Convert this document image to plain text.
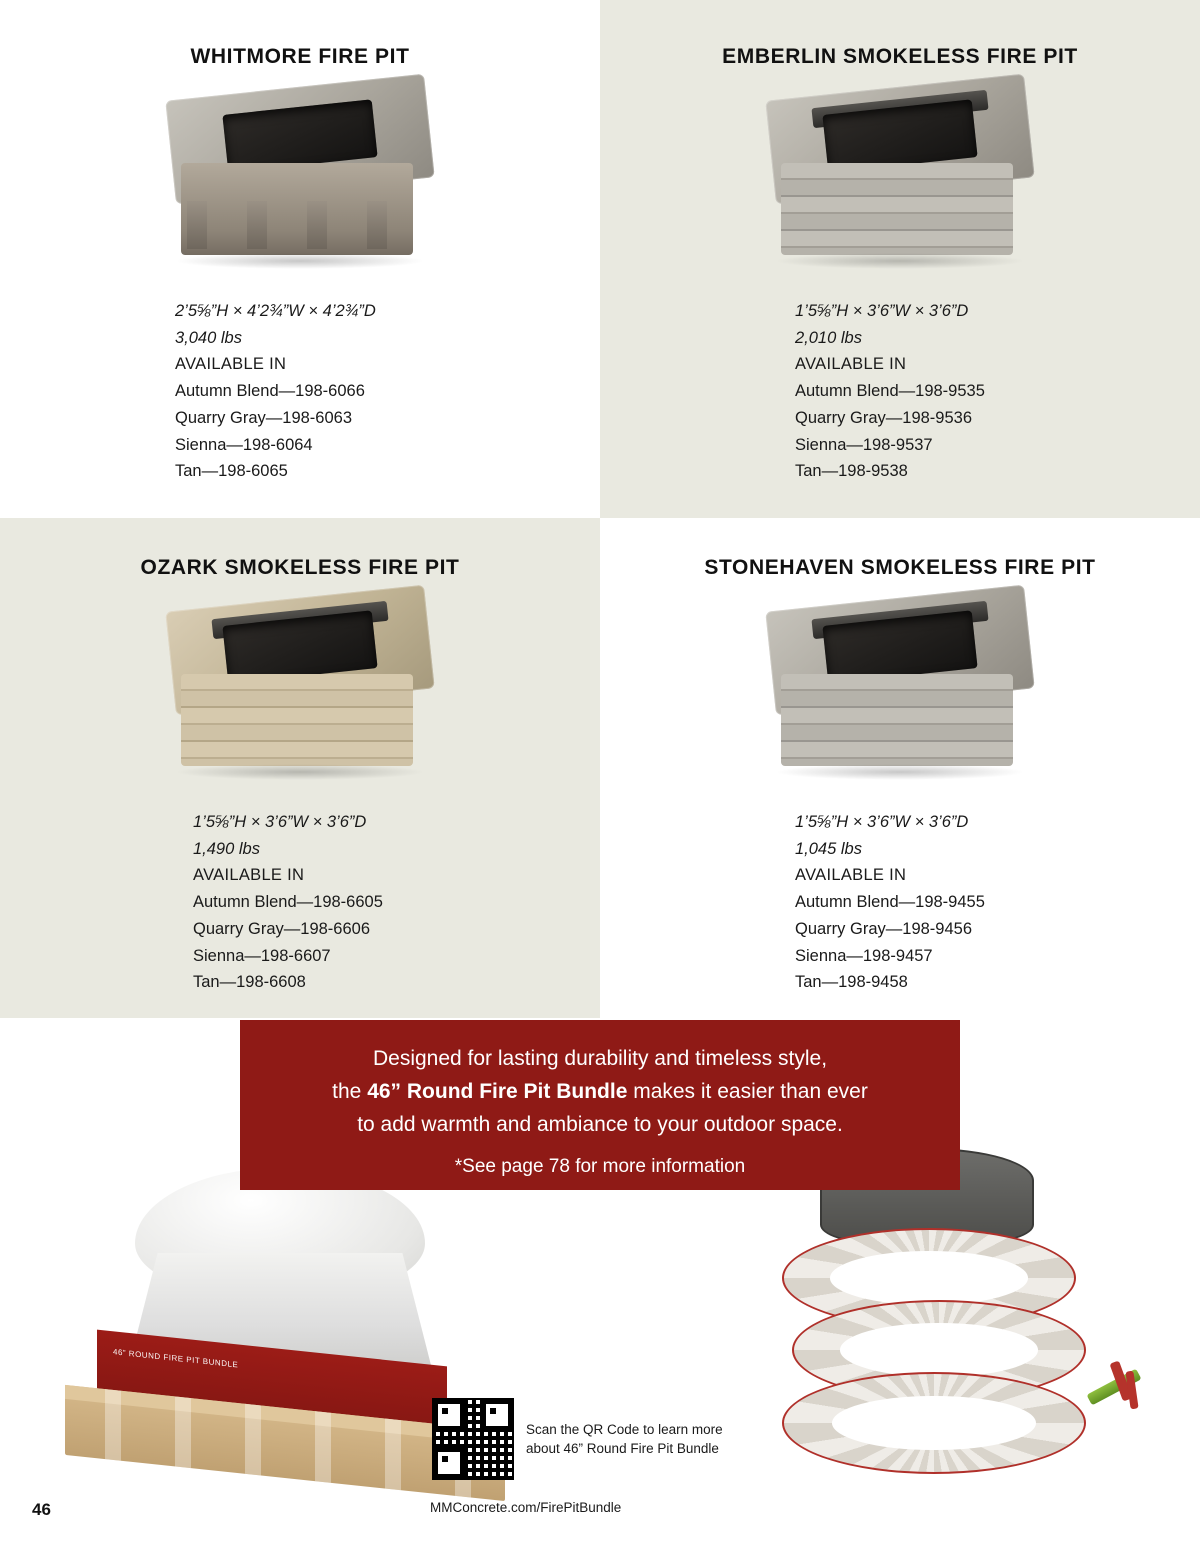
WHITMORE FIRE PIT
2’5⅝”H × 4’2¾”W × 4’2¾”D
3,040 lbs
AVAILABLE IN
Autumn Blend—198-6066
Quarry Gray—198-6063
Sienna—198-6064
Tan—198-6065
EMBERLIN SMOKELESS FIRE PIT
1’5⅝”H × 3’6”W × 3’6”D
2,010 lbs
AVAILABLE IN
Autumn Blend—198-9535
Quarry Gray—198-9536
Sienna—198-9537
Tan—198-9538
OZARK SMOKELESS FIRE PIT
1’5⅝”H × 3’6”W × 3’6”D
1,490 lbs
AVAILABLE IN
Autumn Blend—198-6605
Quarry Gray—198-6606
Sienna—198-6607
Tan—198-6608
STONEHAVEN SMOKELESS FIRE PIT
1’5⅝”H × 3’6”W × 3’6”D
1,045 lbs
AVAILABLE IN
Autumn Blend—198-9455
Quarry Gray—198-9456
Sienna—198-9457
Tan—198-9458
46” ROUND FIRE PIT BUNDLE
Designed for lasting durability and timeless style,
the 46” Round Fire Pit Bundle makes it easier than ever
to add warmth and ambiance to your outdoor space.
*See page 78 for more information
Scan the QR Code to learn more
about 46” Round Fire Pit Bundle
46	MMConcrete.com/FirePitBundle
